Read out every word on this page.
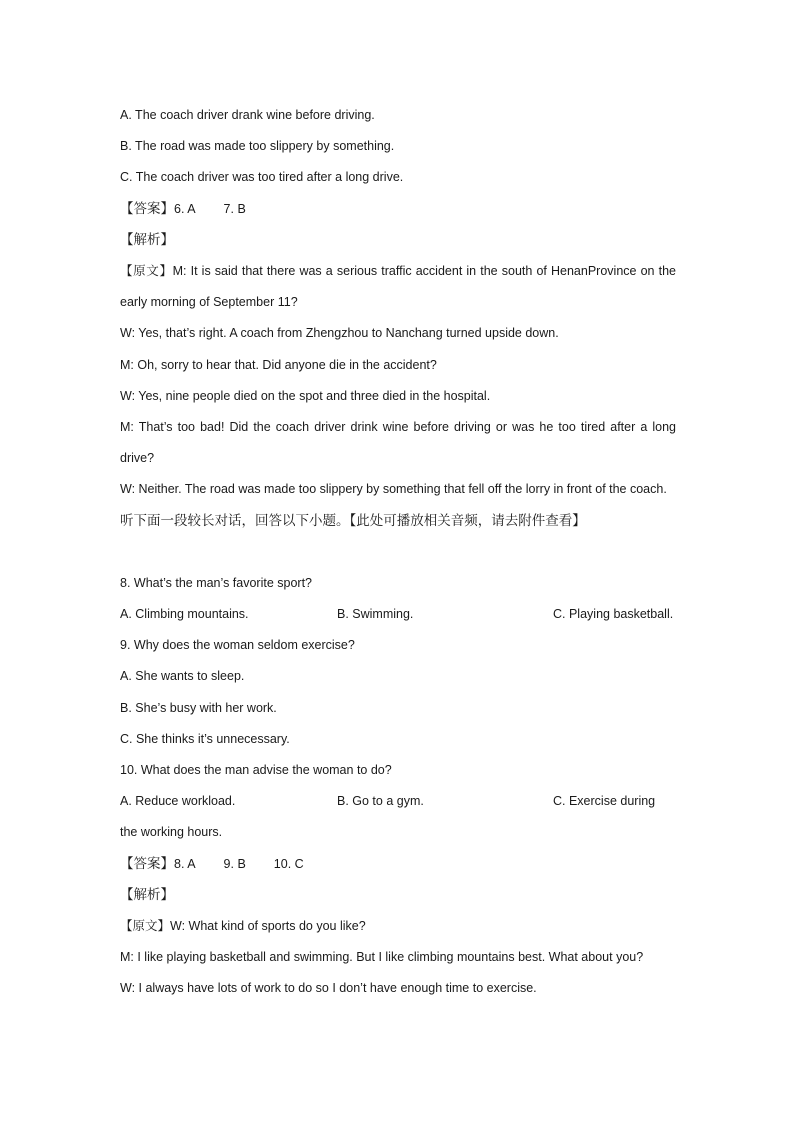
A. The coach driver drank wine before driving.
B. The road was made too slippery by something.
C. The coach driver was too tired after a long drive.
【答案】6. A 7. B
【解析】
【原文】M: It is said that there was a serious traffic accident in the south of HenanProvince on the early morning of September 11?
W: Yes, that’s right. A coach from Zhengzhou to Nanchang turned upside down.
M: Oh, sorry to hear that. Did anyone die in the accident?
W: Yes, nine people died on the spot and three died in the hospital.
M: That’s too bad! Did the coach driver drink wine before driving or was he too tired after a long drive?
W: Neither. The road was made too slippery by something that fell off the lorry in front of the coach.
听下面一段较长对话，回答以下小题。【此处可播放相关音频，请去附件查看】
8. What’s the man’s favorite sport?
A. Climbing mountains.	B. Swimming.	C. Playing basketball.
9. Why does the woman seldom exercise?
A. She wants to sleep.
B. She’s busy with her work.
C. She thinks it’s unnecessary.
10. What does the man advise the woman to do?
A. Reduce workload.	B. Go to a gym.	C. Exercise during
the working hours.
【答案】8. A 9. B 10. C
【解析】
【原文】W: What kind of sports do you like?
M: I like playing basketball and swimming. But I like climbing mountains best. What about you?
W: I always have lots of work to do so I don’t have enough time to exercise.
